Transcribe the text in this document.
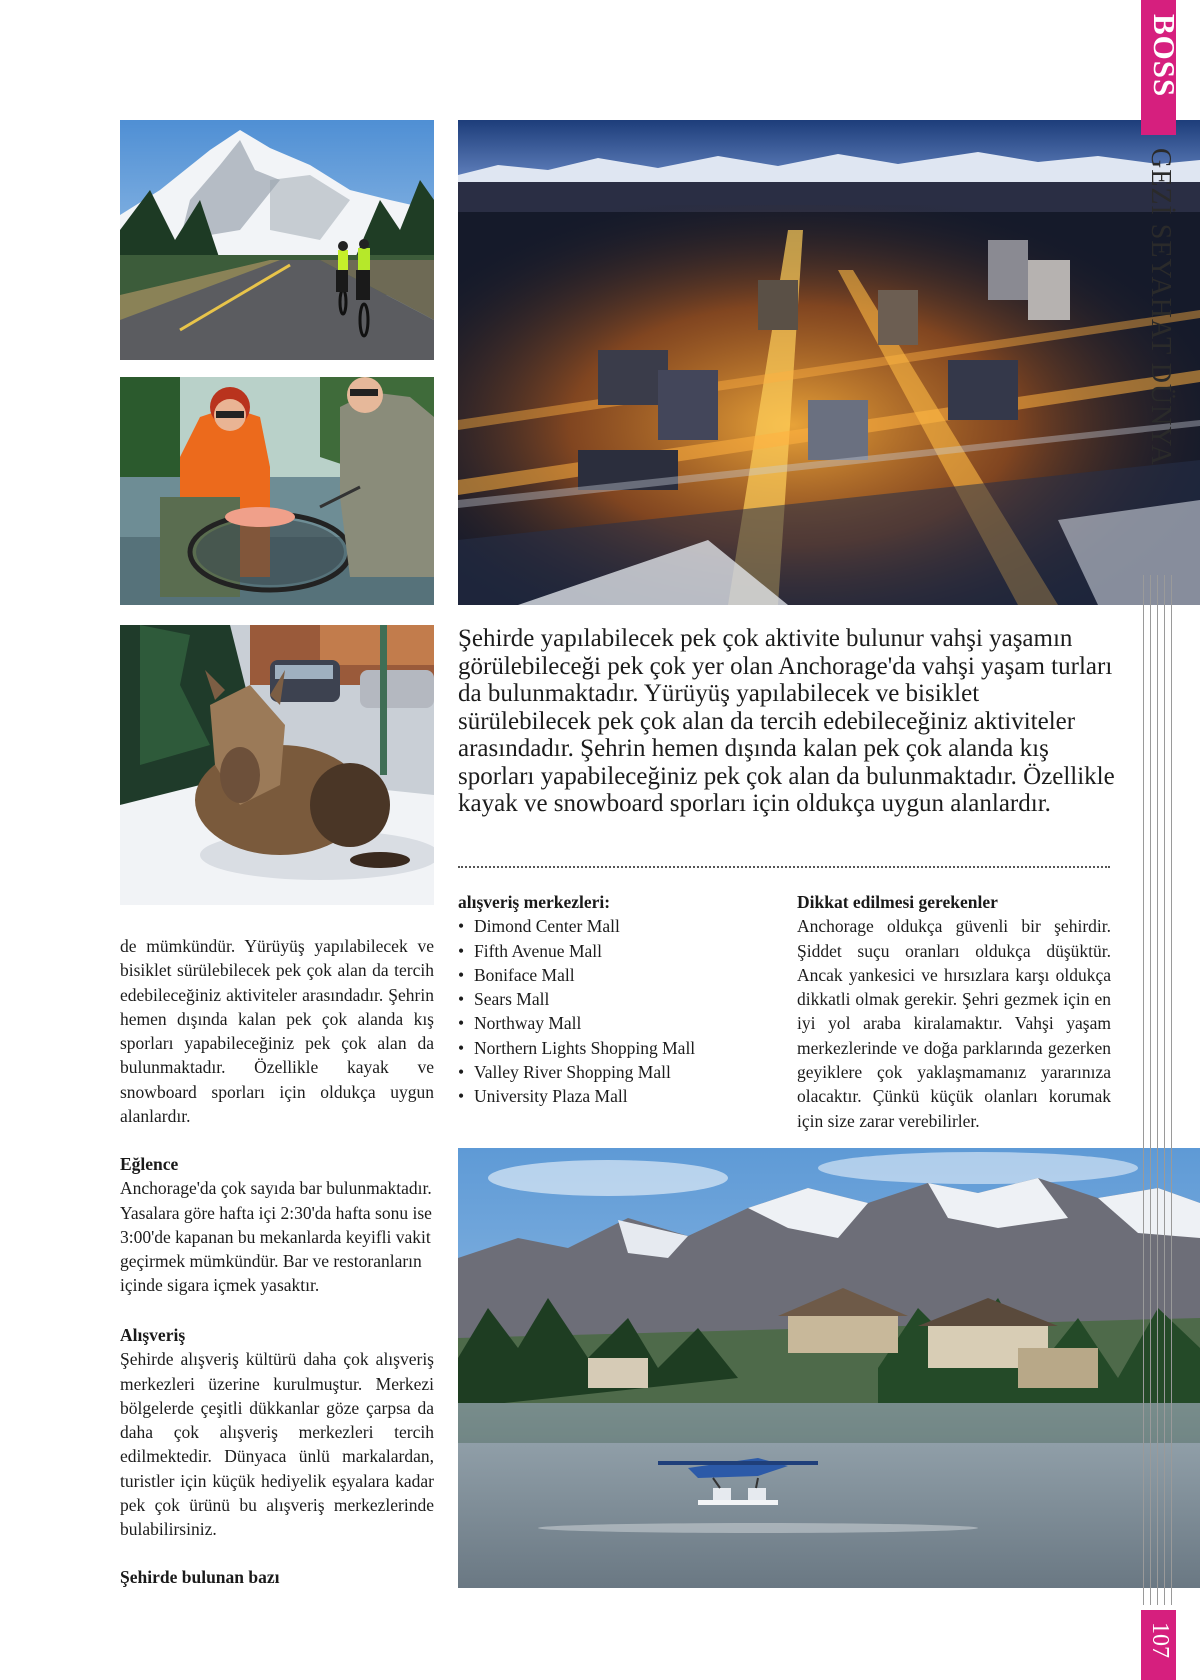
BOSS
GEZİ SEYAHAT DÜNYA
107
Şehirde yapılabilecek pek çok aktivite bulunur vahşi yaşamın görülebileceği pek çok yer olan Anchorage'da vahşi yaşam turları da bulunmaktadır. Yürüyüş yapılabilecek ve bisiklet sürülebilecek pek çok alan da tercih edebileceğiniz aktiviteler arasındadır. Şehrin hemen dışında kalan pek çok alanda kış sporları yapabileceğiniz pek çok alan da bulunmaktadır. Özellikle kayak ve snowboard sporları için oldukça uygun alanlardır.
de mümkündür. Yürüyüş yapılabilecek ve bisiklet sürülebilecek pek çok alan da tercih edebileceğiniz aktiviteler arasındadır. Şehrin hemen dışında kalan pek çok alanda kış sporları yapabileceğiniz pek çok alan da bulunmaktadır. Özellikle kayak ve snowboard sporları için oldukça uygun alanlardır.
Eğlence
Anchorage'da çok sayıda bar bulunmaktadır. Yasalara göre hafta içi 2:30'da hafta sonu ise 3:00'de kapanan bu mekanlarda keyifli vakit geçirmek mümkündür. Bar ve restoranların içinde sigara içmek yasaktır.
Alışveriş
Şehirde alışveriş kültürü daha çok alışveriş merkezleri üzerine kurulmuştur. Merkezi bölgelerde çeşitli dükkanlar göze çarpsa da daha çok alışveriş merkezleri tercih edilmektedir. Dünyaca ünlü markalardan, turistler için küçük hediyelik eşyalara kadar pek çok ürünü bu alışveriş merkezlerinde bulabilirsiniz.
Şehirde bulunan bazı
alışveriş merkezleri:
• Dimond Center Mall
• Fifth Avenue Mall
• Boniface Mall
• Sears Mall
• Northway Mall
• Northern Lights Shopping Mall
• Valley River Shopping Mall
• University Plaza Mall
Dikkat edilmesi gerekenler
Anchorage oldukça güvenli bir şehirdir. Şiddet suçu oranları oldukça düşüktür. Ancak yankesici ve hırsızlara karşı oldukça dikkatli olmak gerekir. Şehri gezmek için en iyi yol araba kiralamaktır. Vahşi yaşam merkezlerinde ve doğa parklarında gezerken geyiklere çok yaklaşmamanız yararınıza olacaktır. Çünkü küçük olanları korumak için size zarar verebilirler.
